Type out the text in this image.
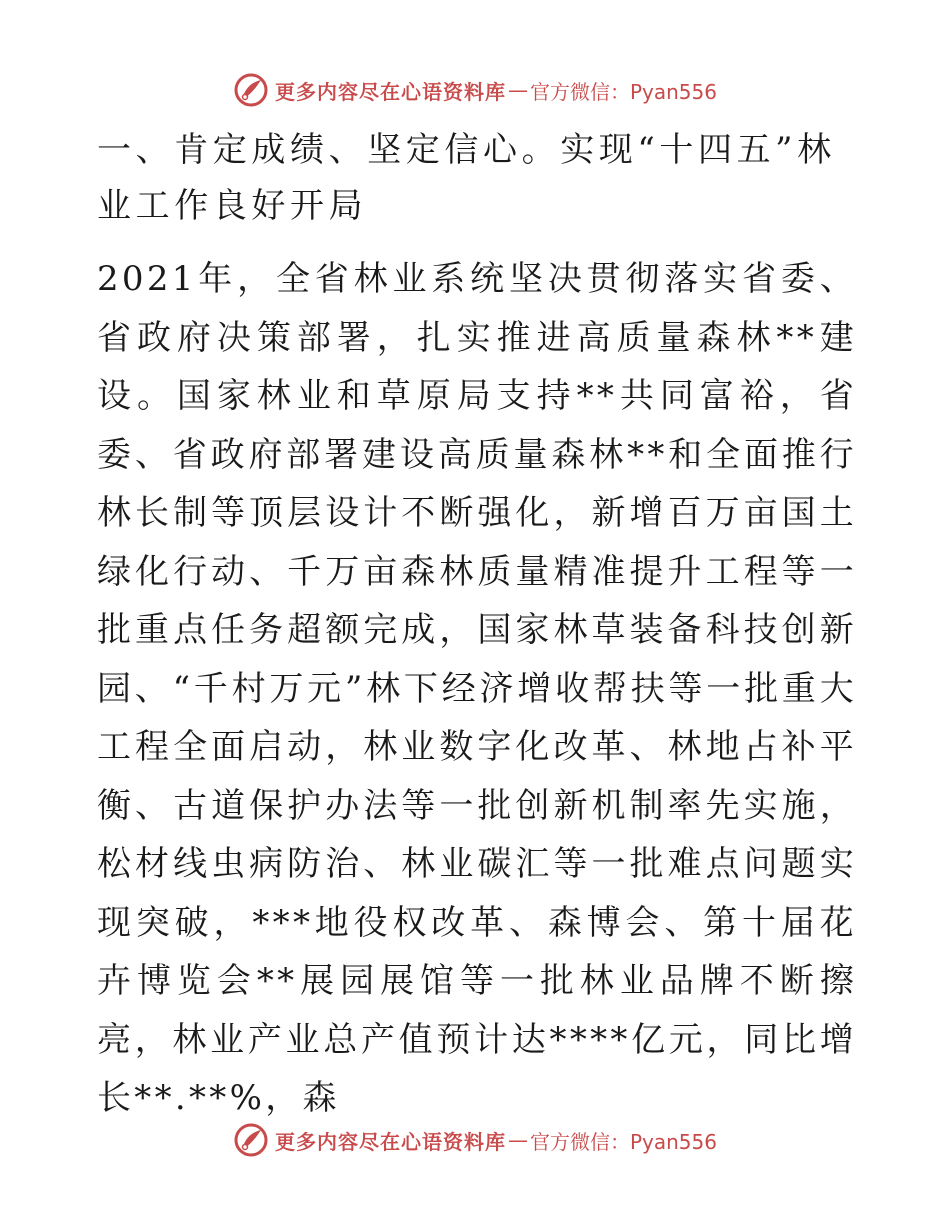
更多内容尽在心语资料库 — 官方微信：Pyan556
一、肯定成绩、坚定信心。实现“十四五”林业工作良好开局

2021年，全省林业系统坚决贯彻落实省委、省政府决策部署，扎实推进高质量森林**建设。国家林业和草原局支持**共同富裕，省委、省政府部署建设高质量森林**和全面推行林长制等顶层设计不断强化，新增百万亩国土绿化行动、千万亩森林质量精准提升工程等一批重点任务超额完成，国家林草装备科技创新园、“千村万元”林下经济增收帮扶等一批重大工程全面启动，林业数字化改革、林地占补平衡、古道保护办法等一批创新机制率先实施，松材线虫病防治、林业碳汇等一批难点问题实现突破，***地役权改革、森博会、第十届花卉博览会**展园展馆等一批林业品牌不断擦亮，林业产业总产值预计达****亿元，同比增长**.**%，森

更多内容尽在心语资料库 — 官方微信：Pyan556
